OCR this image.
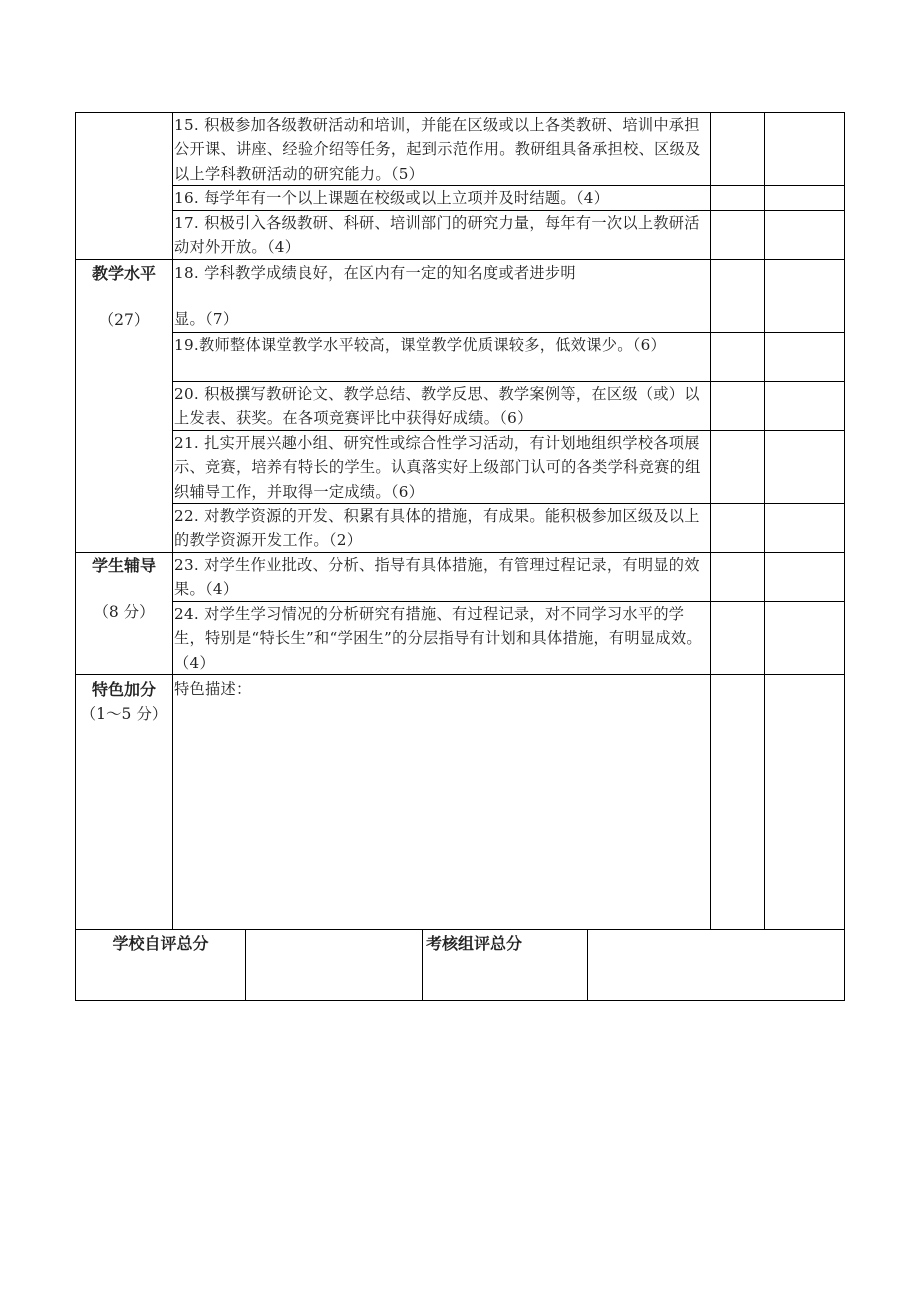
15. 积极参加各级教研活动和培训，并能在区级或以上各类教研、培训中承担公开课、讲座、经验介绍等任务，起到示范作用。教研组具备承担校、区级及以上学科教研活动的研究能力。（5）
16. 每学年有一个以上课题在校级或以上立项并及时结题。（4）
17. 积极引入各级教研、科研、培训部门的研究力量，每年有一次以上教研活动对外开放。（4）
18. 学科教学成绩良好，在区内有一定的知名度或者进步明
显。（7）
19.教师整体课堂教学水平较高，课堂教学优质课较多，低效课少。（6）
20. 积极撰写教研论文、教学总结、教学反思、教学案例等，在区级（或）以上发表、获奖。在各项竞赛评比中获得好成绩。（6）
21. 扎实开展兴趣小组、研究性或综合性学习活动，有计划地组织学校各项展示、竞赛，培养有特长的学生。认真落实好上级部门认可的各类学科竞赛的组织辅导工作，并取得一定成绩。（6）
22. 对教学资源的开发、积累有具体的措施，有成果。能积极参加区级及以上的教学资源开发工作。（2）
23. 对学生作业批改、分析、指导有具体措施，有管理过程记录，有明显的效果。（4）
24. 对学生学习情况的分析研究有措施、有过程记录，对不同学习水平的学生，特别是“特长生”和“学困生”的分层指导有计划和具体措施，有明显成效。（4）
特色描述：
教学水平
（27）
学生辅导
（8 分）
特色加分
（1～5 分）
学校自评总分	考核组评总分
